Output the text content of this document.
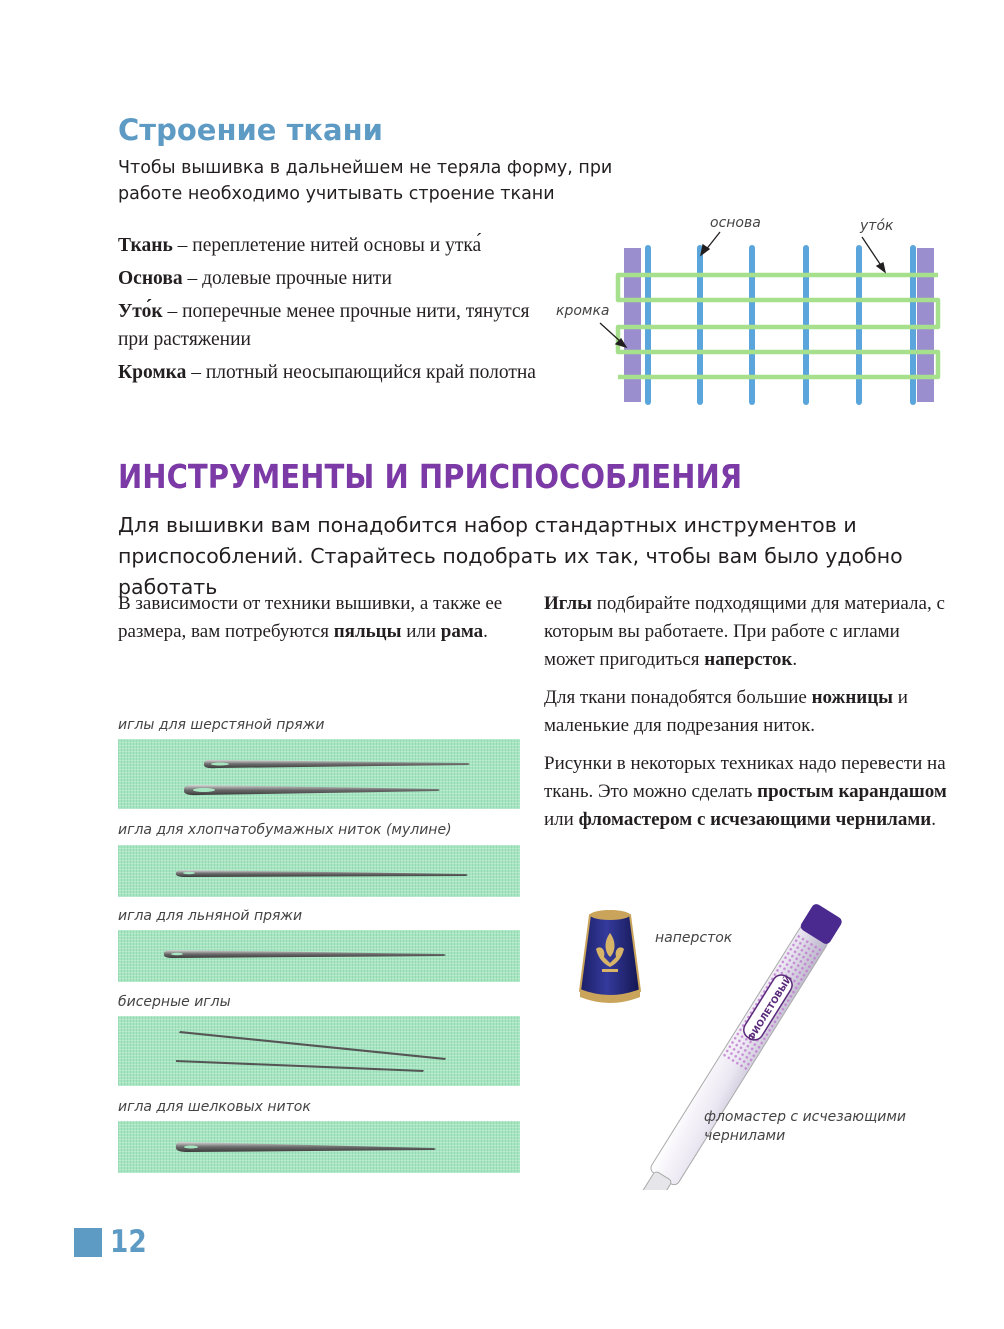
Строение ткани
Чтобы вышивка в дальнейшем не теряла форму, при работе необходимо учитывать строение ткани
Ткань – переплетение нитей основы и утка́
Основа – долевые прочные нити
Уто́к – поперечные менее прочные нити, тянутся при растяжении
Кромка – плотный неосыпающийся край полотна
основа	уто́к
кромка
ИНСТРУМЕНТЫ И ПРИСПОСОБЛЕНИЯ
Для вышивки вам понадобится набор стандартных инструментов и приспособлений. Старайтесь подобрать их так, чтобы вам было удобно работать

В зависимости от техники вышивки, а также ее размера, вам потребуются пяльцы или рама.

Иглы подбирайте подходящими для материала, с которым вы работаете. При работе с иглами может пригодиться наперсток.

Для ткани понадобятся большие ножницы и маленькие для подрезания ниток.

Рисунки в некоторых техниках надо перевести на ткань. Это можно сделать простым карандашом или фломастером с исчезающими чернилами.

иглы для шерстяной пряжи
игла для хлопчатобумажных ниток (мулине)
игла для льняной пряжи
бисерные иглы
игла для шелковых ниток
наперсток
ФИОЛЕТОВЫЙ
фломастер с исчезающими чернилами
12
